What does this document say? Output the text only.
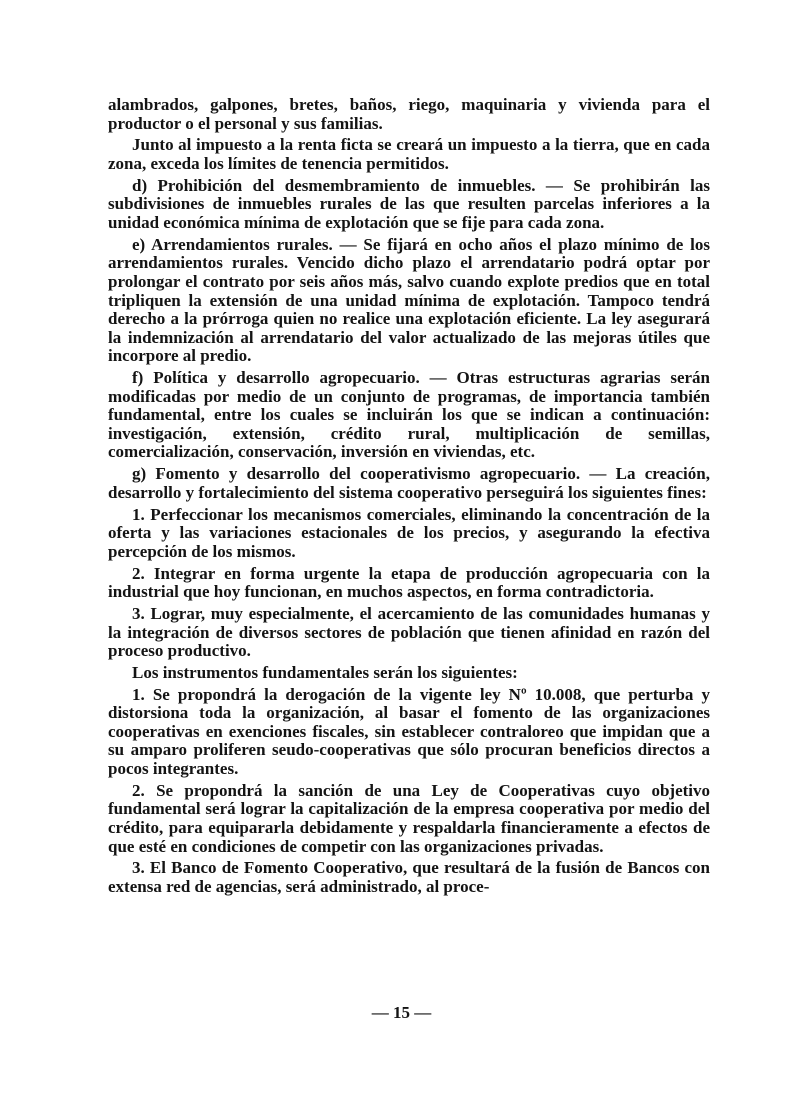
alambrados, galpones, bretes, baños, riego, maquinaria y vivienda para el productor o el personal y sus familias.

Junto al impuesto a la renta ficta se creará un impuesto a la tierra, que en cada zona, exceda los límites de tenencia permitidos.

d) Prohibición del desmembramiento de inmuebles. — Se prohibirán las subdivisiones de inmuebles rurales de las que resulten parcelas inferiores a la unidad económica mínima de explotación que se fije para cada zona.

e) Arrendamientos rurales. — Se fijará en ocho años el plazo mínimo de los arrendamientos rurales. Vencido dicho plazo el arrendatario podrá optar por prolongar el contrato por seis años más, salvo cuando explote predios que en total tripliquen la extensión de una unidad mínima de explotación. Tampoco tendrá derecho a la prórroga quien no realice una explotación eficiente. La ley asegurará la indemnización al arrendatario del valor actualizado de las mejoras útiles que incorpore al predio.

f) Política y desarrollo agropecuario. — Otras estructuras agrarias serán modificadas por medio de un conjunto de programas, de importancia también fundamental, entre los cuales se incluirán los que se indican a continuación: investigación, extensión, crédito rural, multiplicación de semillas, comercialización, conservación, inversión en viviendas, etc.

g) Fomento y desarrollo del cooperativismo agropecuario. — La creación, desarrollo y fortalecimiento del sistema cooperativo perseguirá los siguientes fines:

1. Perfeccionar los mecanismos comerciales, eliminando la concentración de la oferta y las variaciones estacionales de los precios, y asegurando la efectiva percepción de los mismos.

2. Integrar en forma urgente la etapa de producción agropecuaria con la industrial que hoy funcionan, en muchos aspectos, en forma contradictoria.

3. Lograr, muy especialmente, el acercamiento de las comunidades humanas y la integración de diversos sectores de población que tienen afinidad en razón del proceso productivo.

Los instrumentos fundamentales serán los siguientes:

1. Se propondrá la derogación de la vigente ley Nº 10.008, que perturba y distorsiona toda la organización, al basar el fomento de las organizaciones cooperativas en exenciones fiscales, sin establecer contraloreo que impidan que a su amparo proliferen seudo-cooperativas que sólo procuran beneficios directos a pocos integrantes.

2. Se propondrá la sanción de una Ley de Cooperativas cuyo objetivo fundamental será lograr la capitalización de la empresa cooperativa por medio del crédito, para equipararla debidamente y respaldarla financieramente a efectos de que esté en condiciones de competir con las organizaciones privadas.

3. El Banco de Fomento Cooperativo, que resultará de la fusión de Bancos con extensa red de agencias, será administrado, al proce-

— 15 —
